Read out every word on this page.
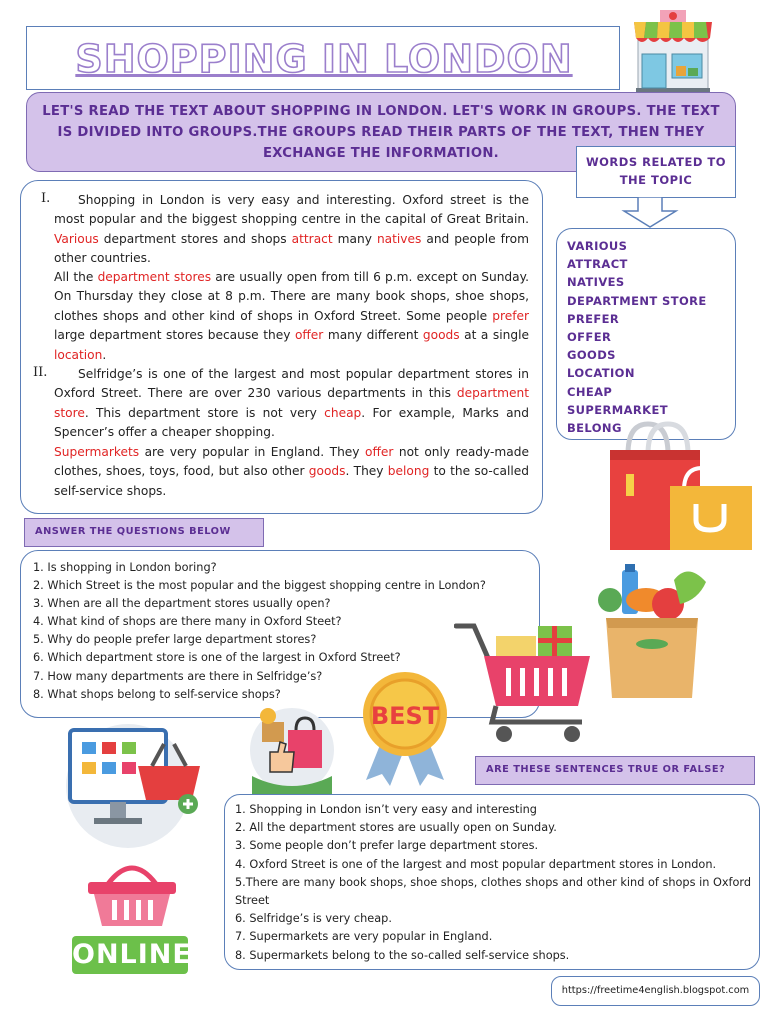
SHOPPING IN LONDON
LET'S READ THE TEXT ABOUT SHOPPING IN LONDON. LET'S WORK IN GROUPS. THE TEXT IS DIVIDED INTO GROUPS.THE GROUPS READ THEIR PARTS OF THE TEXT, THEN THEY EXCHANGE THE INFORMATION.
WORDS RELATED TO THE TOPIC
VARIOUS
ATTRACT
NATIVES
DEPARTMENT STORE
PREFER
OFFER
GOODS
LOCATION
CHEAP
SUPERMARKET
BELONG
I.	Shopping in London is very easy and interesting. Oxford street is the most popular and the biggest shopping centre in the capital of Great Britain. Various department stores and shops attract many natives and people from other countries.

All the department stores are usually open from till 6 p.m. except on Sunday. On Thursday they close at 8 p.m. There are many book shops, shoe shops, clothes shops and other kind of shops in Oxford Street. Some people prefer large department stores because they offer many different goods at a single location.

II.	Selfridge’s is one of the largest and most popular department stores in Oxford Street. There are over 230 various departments in this department store. This department store is not very cheap. For example, Marks and Spencer’s offer a cheaper shopping.

Supermarkets are very popular in England. They offer not only ready-made clothes, shoes, toys, food, but also other goods. They belong to the so-called self-service shops.

ANSWER THE QUESTIONS BELOW
1. Is shopping in London boring?
2. Which Street is the most popular and the biggest shopping centre in London?
3. When are all the department stores usually open?
4. What kind of shops are there many in Oxford Steet?
5. Why do people prefer large department stores?
6. Which department store is one of the largest in Oxford Street?
7. How many departments are there in Selfridge’s?
8. What shops belong to self-service shops?
BEST
ARE THESE SENTENCES TRUE OR FALSE?
1. Shopping in London isn’t very easy and interesting
2. All the department stores are usually open on Sunday.
3. Some people don’t prefer large department stores.
4. Oxford Street is one of the largest and most popular department stores in London.
5.There are many book shops, shoe shops, clothes shops and other kind of shops in Oxford Street
6. Selfridge’s is very cheap.
7. Supermarkets are very popular in England.
8. Supermarkets belong to the so-called self-service shops.
ONLINE
https://freetime4english.blogspot.com
